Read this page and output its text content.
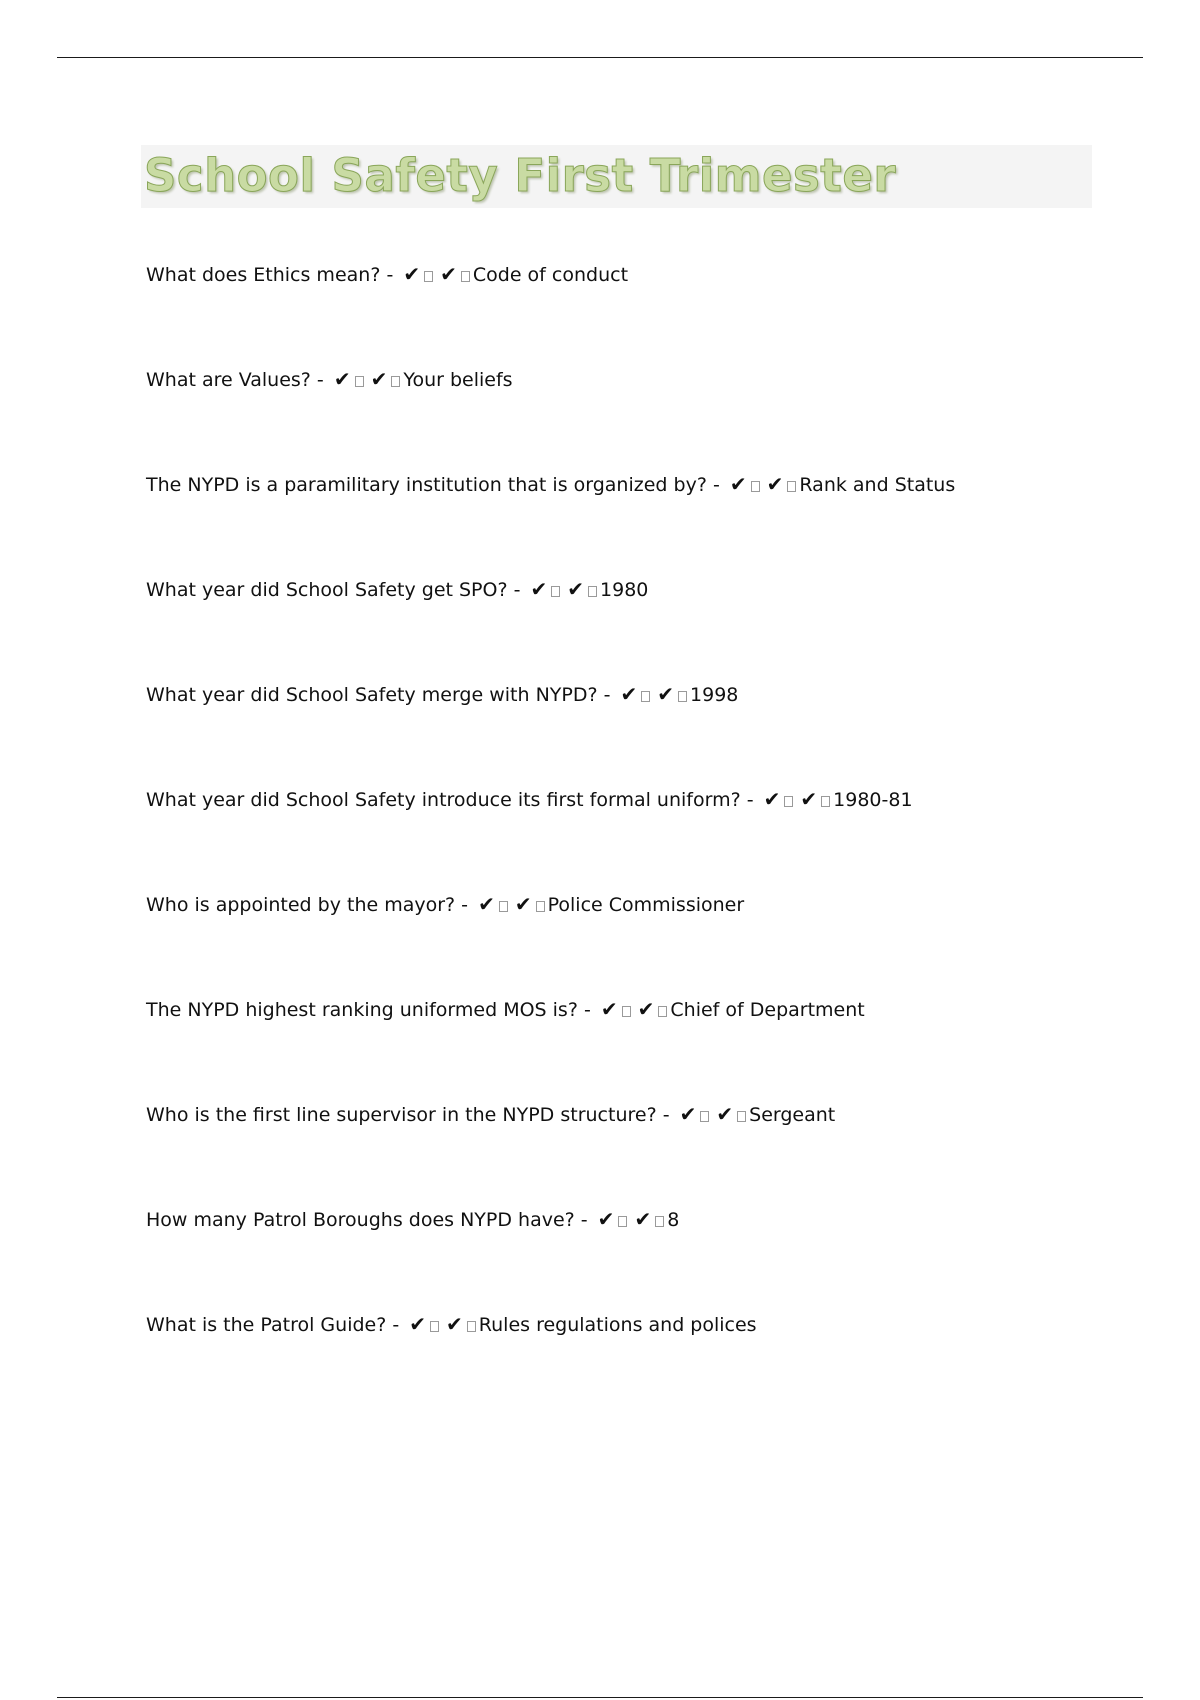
School Safety First Trimester
What does Ethics mean? - ✔ ✔ Code of conduct
What are Values? - ✔ ✔ Your beliefs
The NYPD is a paramilitary institution that is organized by? - ✔ ✔ Rank and Status
What year did School Safety get SPO? - ✔ ✔ 1980
What year did School Safety merge with NYPD? - ✔ ✔ 1998
What year did School Safety introduce its first formal uniform? - ✔ ✔ 1980-81
Who is appointed by the mayor? - ✔ ✔ Police Commissioner
The NYPD highest ranking uniformed MOS is? - ✔ ✔ Chief of Department
Who is the first line supervisor in the NYPD structure? - ✔ ✔ Sergeant
How many Patrol Boroughs does NYPD have? - ✔ ✔ 8
What is the Patrol Guide? - ✔ ✔ Rules regulations and polices
